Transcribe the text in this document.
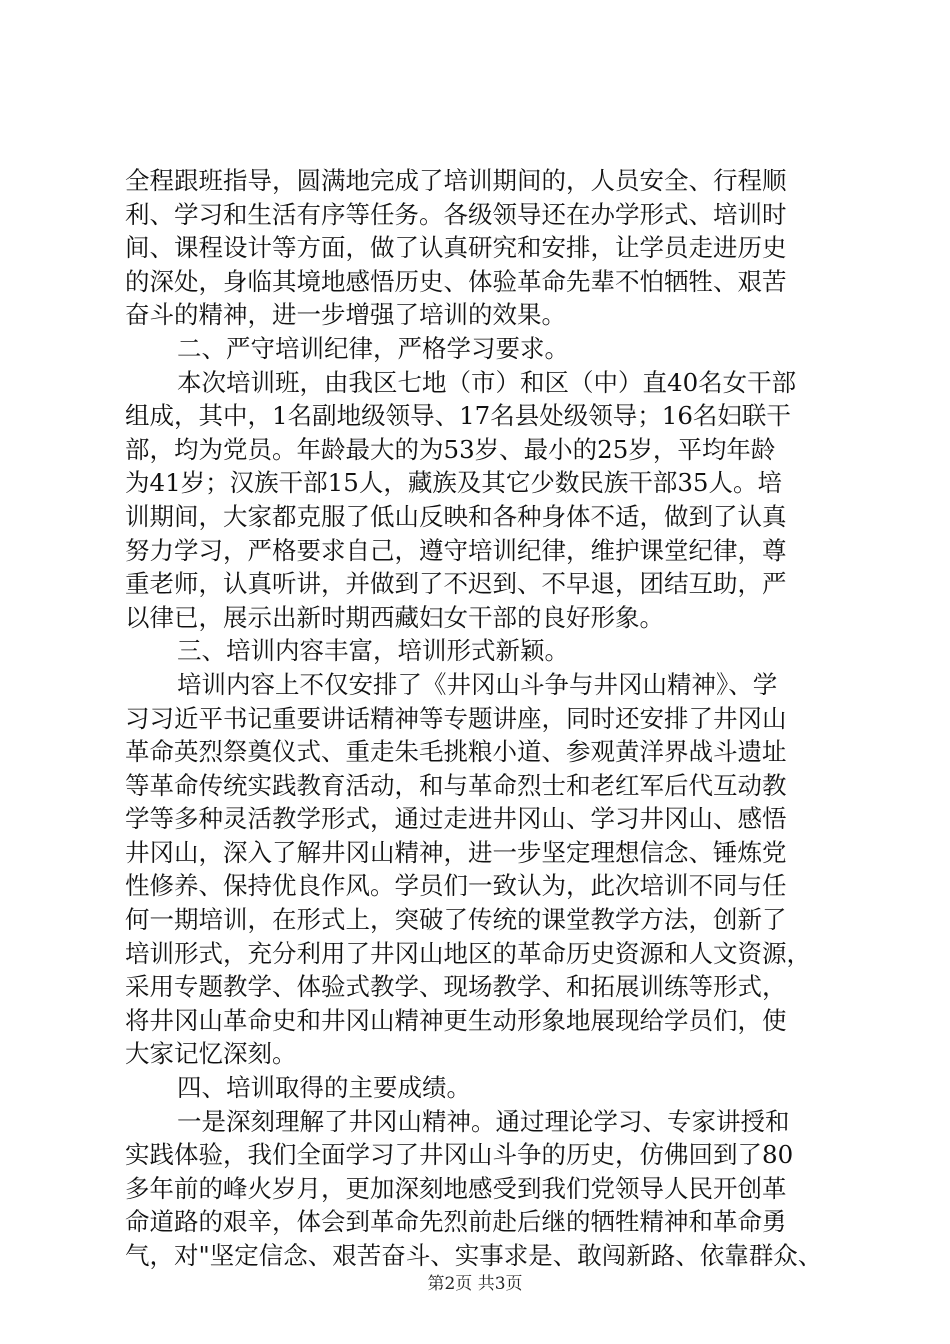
全程跟班指导，圆满地完成了培训期间的，人员安全、行程顺
利、学习和生活有序等任务。各级领导还在办学形式、培训时
间、课程设计等方面，做了认真研究和安排，让学员走进历史
的深处，身临其境地感悟历史、体验革命先辈不怕牺牲、艰苦
奋斗的精神，进一步增强了培训的效果。
二、严守培训纪律，严格学习要求。
本次培训班，由我区七地（市）和区（中）直40名女干部
组成，其中，1名副地级领导、17名县处级领导；16名妇联干
部，均为党员。年龄最大的为53岁、最小的25岁，平均年龄
为41岁；汉族干部15人，藏族及其它少数民族干部35人。培
训期间，大家都克服了低山反映和各种身体不适，做到了认真
努力学习，严格要求自己，遵守培训纪律，维护课堂纪律，尊
重老师，认真听讲，并做到了不迟到、不早退，团结互助，严
以律已，展示出新时期西藏妇女干部的良好形象。
三、培训内容丰富，培训形式新颖。
培训内容上不仅安排了《井冈山斗争与井冈山精神》、学
习习近平书记重要讲话精神等专题讲座，同时还安排了井冈山
革命英烈祭奠仪式、重走朱毛挑粮小道、参观黄洋界战斗遗址
等革命传统实践教育活动，和与革命烈士和老红军后代互动教
学等多种灵活教学形式，通过走进井冈山、学习井冈山、感悟
井冈山，深入了解井冈山精神，进一步坚定理想信念、锤炼党
性修养、保持优良作风。学员们一致认为，此次培训不同与任
何一期培训，在形式上，突破了传统的课堂教学方法，创新了
培训形式，充分利用了井冈山地区的革命历史资源和人文资源，
采用专题教学、体验式教学、现场教学、和拓展训练等形式，
将井冈山革命史和井冈山精神更生动形象地展现给学员们，使
大家记忆深刻。
四、培训取得的主要成绩。
一是深刻理解了井冈山精神。通过理论学习、专家讲授和
实践体验，我们全面学习了井冈山斗争的历史，仿佛回到了80
多年前的峰火岁月，更加深刻地感受到我们党领导人民开创革
命道路的艰辛，体会到革命先烈前赴后继的牺牲精神和革命勇
气，对"坚定信念、艰苦奋斗、实事求是、敢闯新路、依靠群众、
第2页 共3页
